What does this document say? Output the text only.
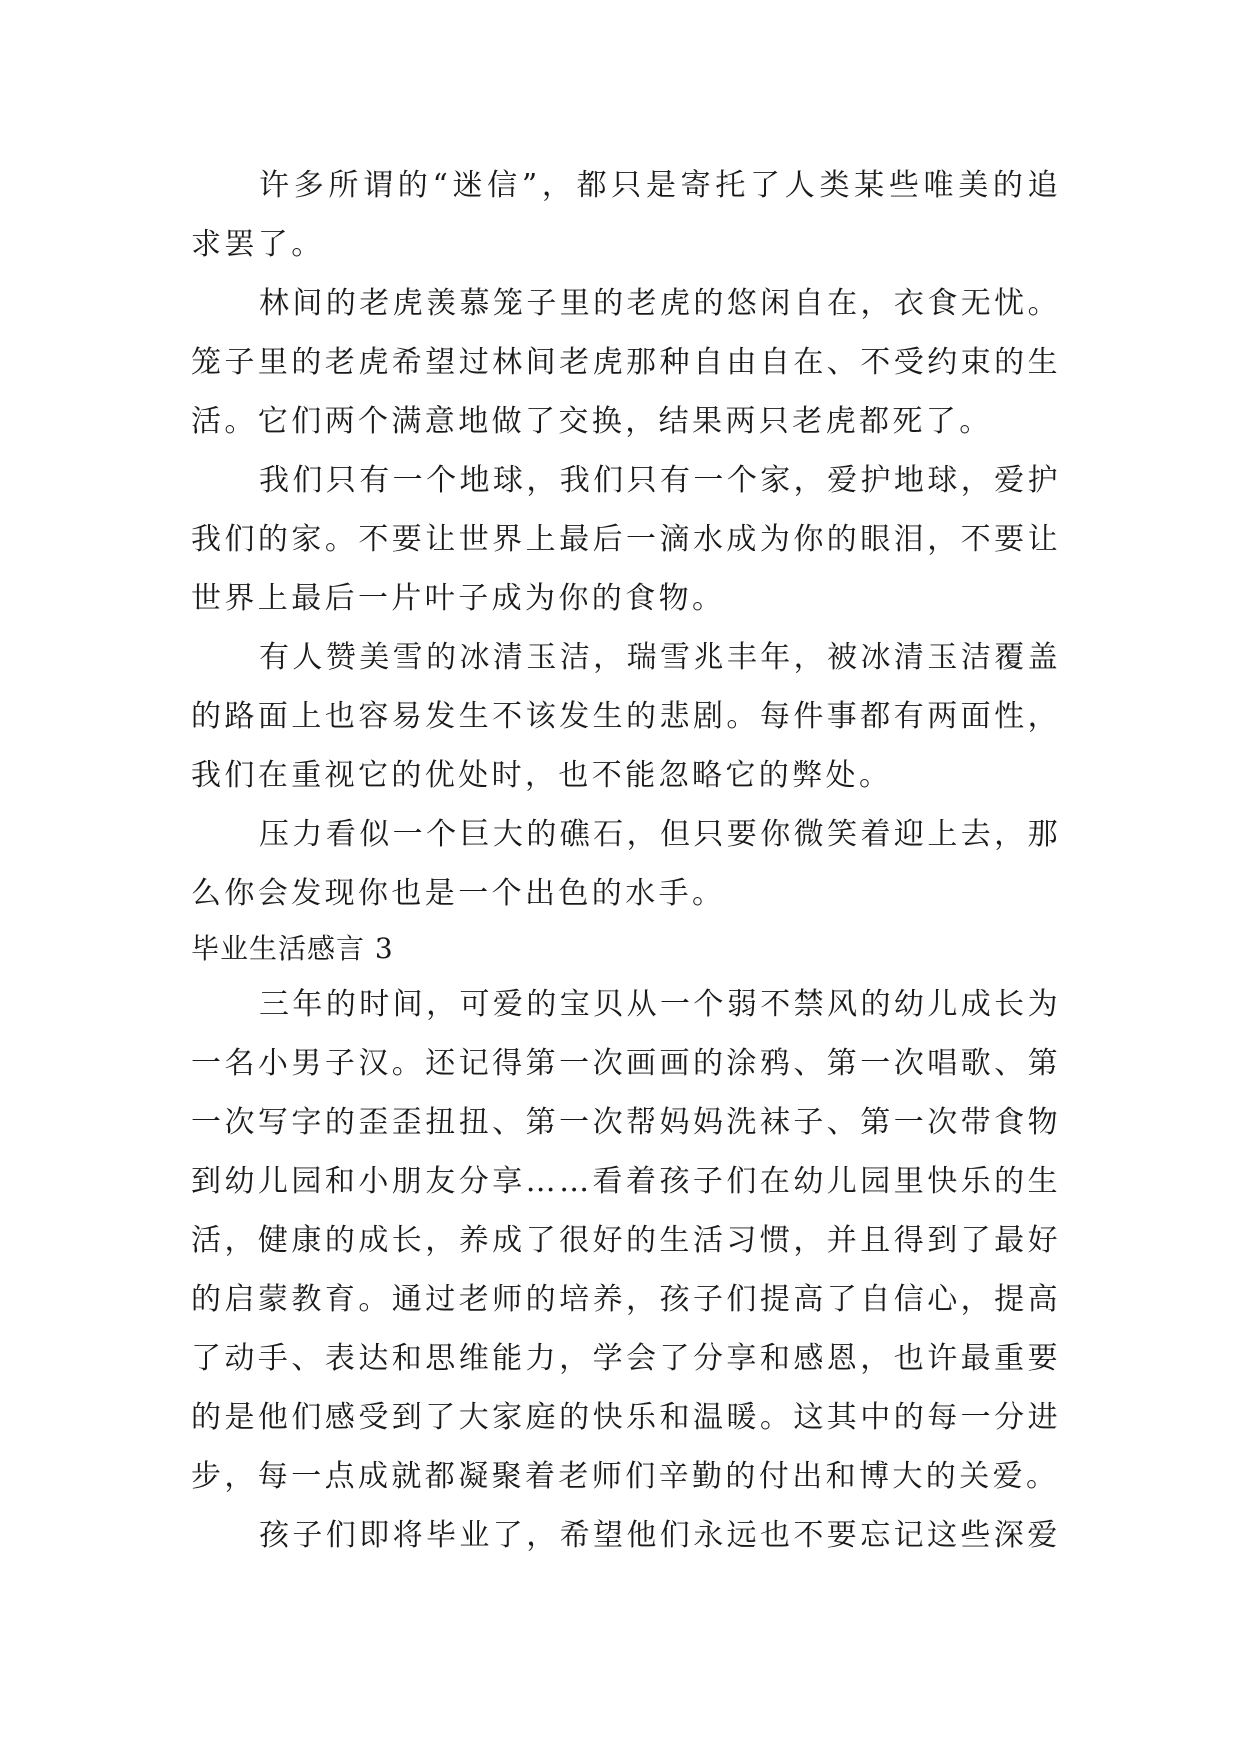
许多所谓的“迷信”，都只是寄托了人类某些唯美的追求罢了。

林间的老虎羡慕笼子里的老虎的悠闲自在，衣食无忧。笼子里的老虎希望过林间老虎那种自由自在、不受约束的生活。它们两个满意地做了交换，结果两只老虎都死了。

我们只有一个地球，我们只有一个家，爱护地球，爱护我们的家。不要让世界上最后一滴水成为你的眼泪，不要让世界上最后一片叶子成为你的食物。

有人赞美雪的冰清玉洁，瑞雪兆丰年，被冰清玉洁覆盖的路面上也容易发生不该发生的悲剧。每件事都有两面性，我们在重视它的优处时，也不能忽略它的弊处。

压力看似一个巨大的礁石，但只要你微笑着迎上去，那么你会发现你也是一个出色的水手。

毕业生活感言 3

三年的时间，可爱的宝贝从一个弱不禁风的幼儿成长为一名小男子汉。还记得第一次画画的涂鸦、第一次唱歌、第一次写字的歪歪扭扭、第一次帮妈妈洗袜子、第一次带食物到幼儿园和小朋友分享……看着孩子们在幼儿园里快乐的生活，健康的成长，养成了很好的生活习惯，并且得到了最好的启蒙教育。通过老师的培养，孩子们提高了自信心，提高了动手、表达和思维能力，学会了分享和感恩，也许最重要的是他们感受到了大家庭的快乐和温暖。这其中的每一分进步，每一点成就都凝聚着老师们辛勤的付出和博大的关爱。

孩子们即将毕业了，希望他们永远也不要忘记这些深爱
